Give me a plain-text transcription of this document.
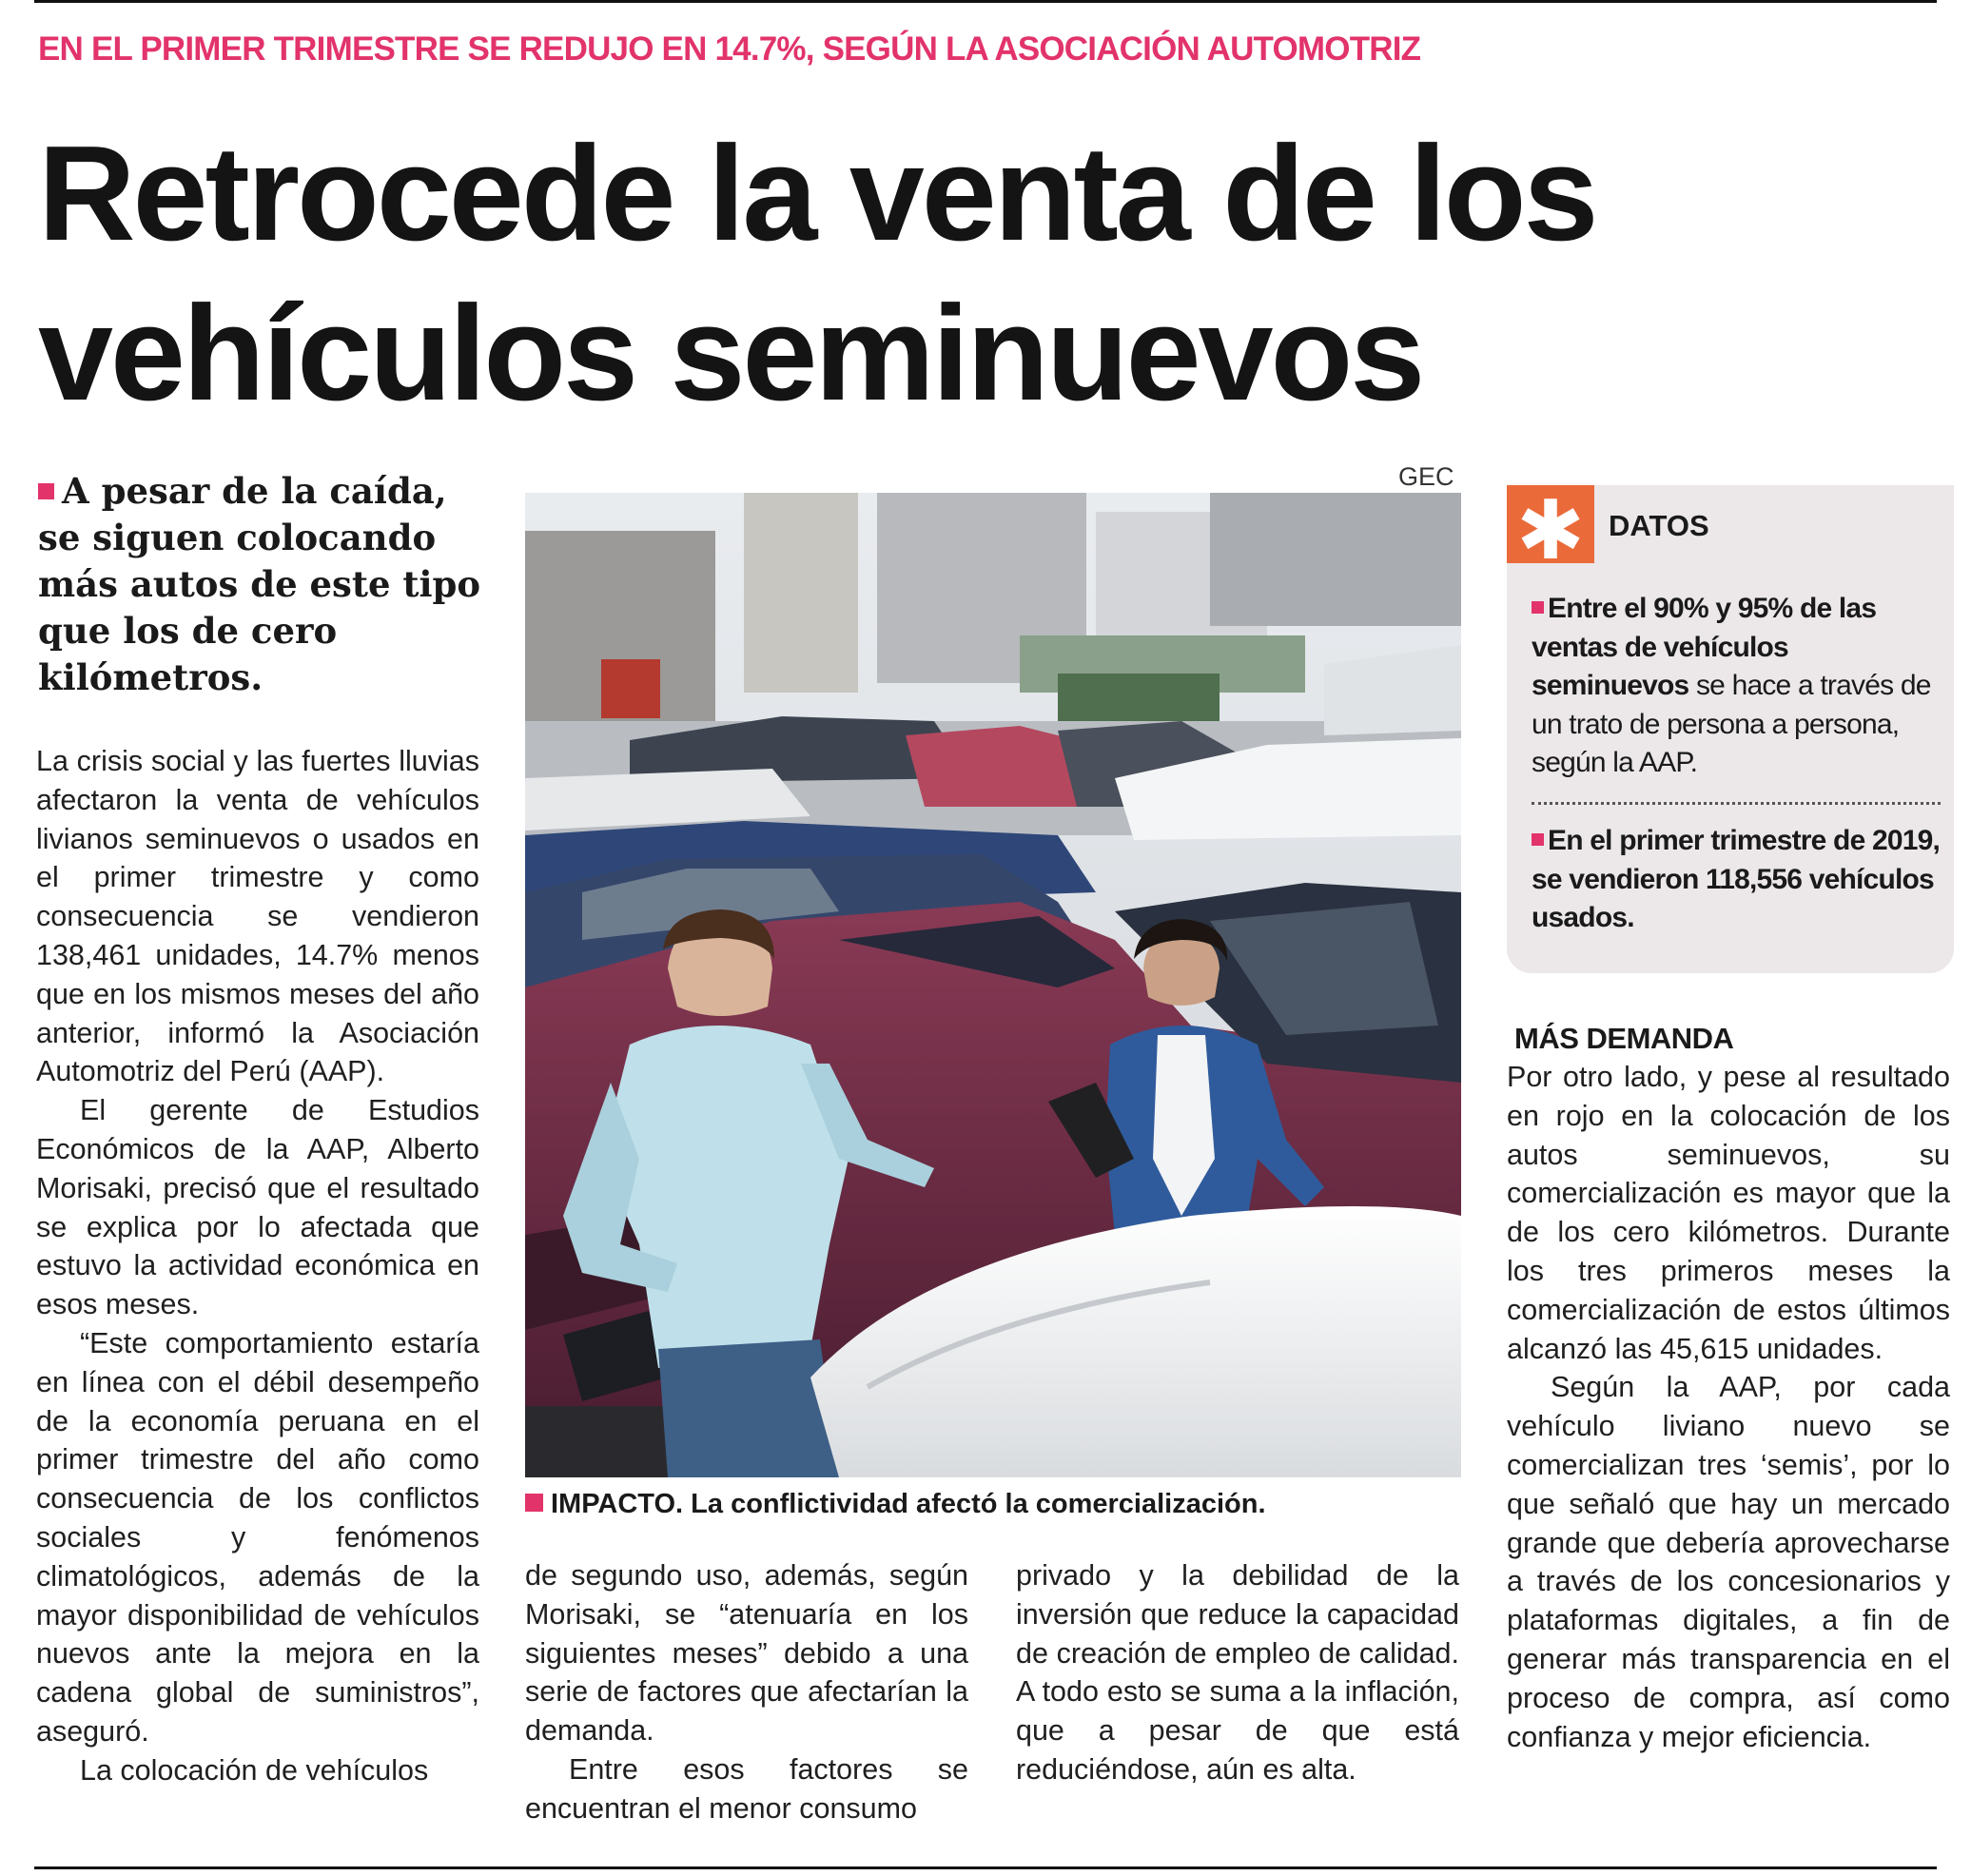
EN EL PRIMER TRIMESTRE SE REDUJO EN 14.7%, SEGÚN LA ASOCIACIÓN AUTOMOTRIZ
Retrocede la venta de los
vehículos seminuevos
A pesar de la caída, se siguen colocando más autos de este tipo que los de cero kilómetros.

La crisis social y las fuertes lluvias afectaron la venta de vehículos livianos seminuevos o usados en el primer trimestre y como consecuencia se vendieron 138,461 unidades, 14.7% menos que en los mismos meses del año anterior, informó la Asociación Automotriz del Perú (AAP).

El gerente de Estudios Económicos de la AAP, Alberto Morisaki, precisó que el resultado se explica por lo afectada que estuvo la actividad económica en esos meses.

“Este comportamiento estaría en línea con el débil desempeño de la economía peruana en el primer trimestre del año como consecuencia de los conflictos sociales y fenómenos climatológicos, además de la mayor disponibilidad de vehículos nuevos ante la mejora en la cadena global de suministros”, aseguró.

La colocación de vehículos

GEC
IMPACTO. La conflictividad afectó la comercialización.

de segundo uso, además, según Morisaki, se “atenuaría en los siguientes meses” debido a una serie de factores que afectarían la demanda.

Entre esos factores se encuentran el menor consumo

privado y la debilidad de la inversión que reduce la capacidad de creación de empleo de calidad. A todo esto se suma a la inflación, que a pesar de que está reduciéndose, aún es alta.

✱ DATOS
Entre el 90% y 95% de las ventas de vehículos seminuevos se hace a través de un trato de persona a persona, según la AAP.
En el primer trimestre de 2019, se vendieron 118,556 vehículos usados.
MÁS DEMANDA

Por otro lado, y pese al resultado en rojo en la colocación de los autos seminuevos, su comercialización es mayor que la de los cero kilómetros. Durante los tres primeros meses la comercialización de estos últimos alcanzó las 45,615 unidades.

Según la AAP, por cada vehículo liviano nuevo se comercializan tres ‘semis’, por lo que señaló que hay un mercado grande que debería aprovecharse a través de los concesionarios y plataformas digitales, a fin de generar más transparencia en el proceso de compra, así como confianza y mejor eficiencia.
